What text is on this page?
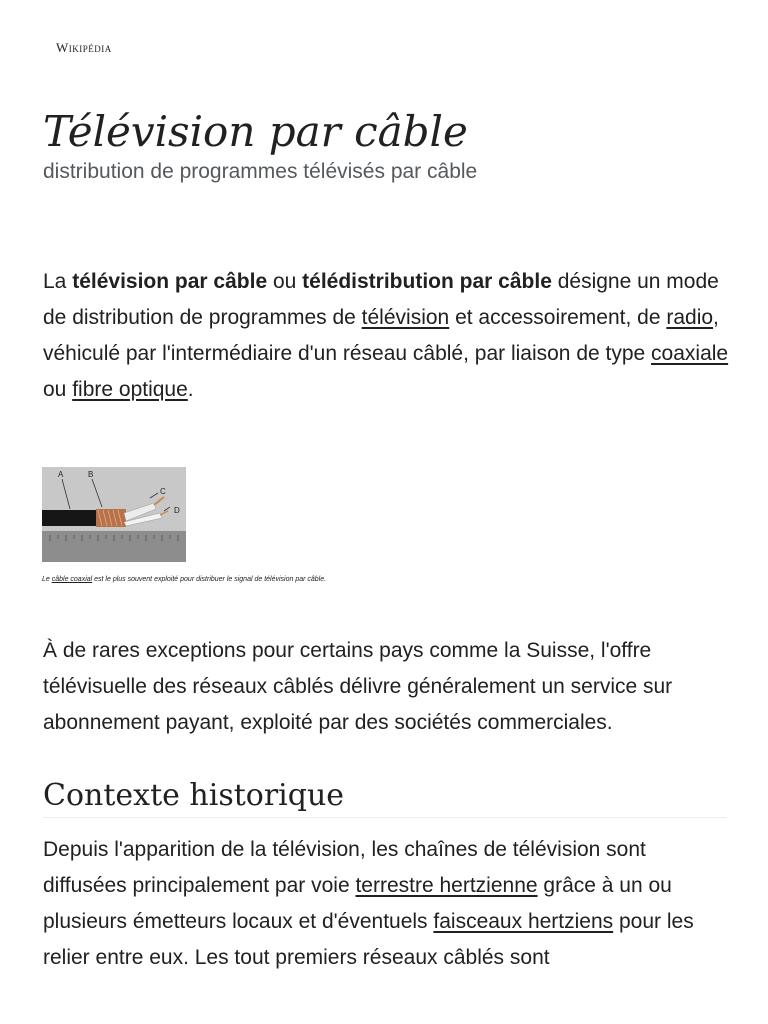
Wikipédia
Télévision par câble
distribution de programmes télévisés par câble

La télévision par câble ou télédistribution par câble désigne un mode de distribution de programmes de télévision et accessoirement, de radio, véhiculé par l'intermédiaire d'un réseau câblé, par liaison de type coaxiale ou fibre optique.

A	B
C
D
Le câble coaxial est le plus souvent exploité pour distribuer le signal de télévision par câble.

À de rares exceptions pour certains pays comme la Suisse, l'offre télévisuelle des réseaux câblés délivre généralement un service sur abonnement payant, exploité par des sociétés commerciales.

Contexte historique

Depuis l'apparition de la télévision, les chaînes de télévision sont diffusées principalement par voie terrestre hertzienne grâce à un ou plusieurs émetteurs locaux et d'éventuels faisceaux hertziens pour les relier entre eux. Les tout premiers réseaux câblés sont
